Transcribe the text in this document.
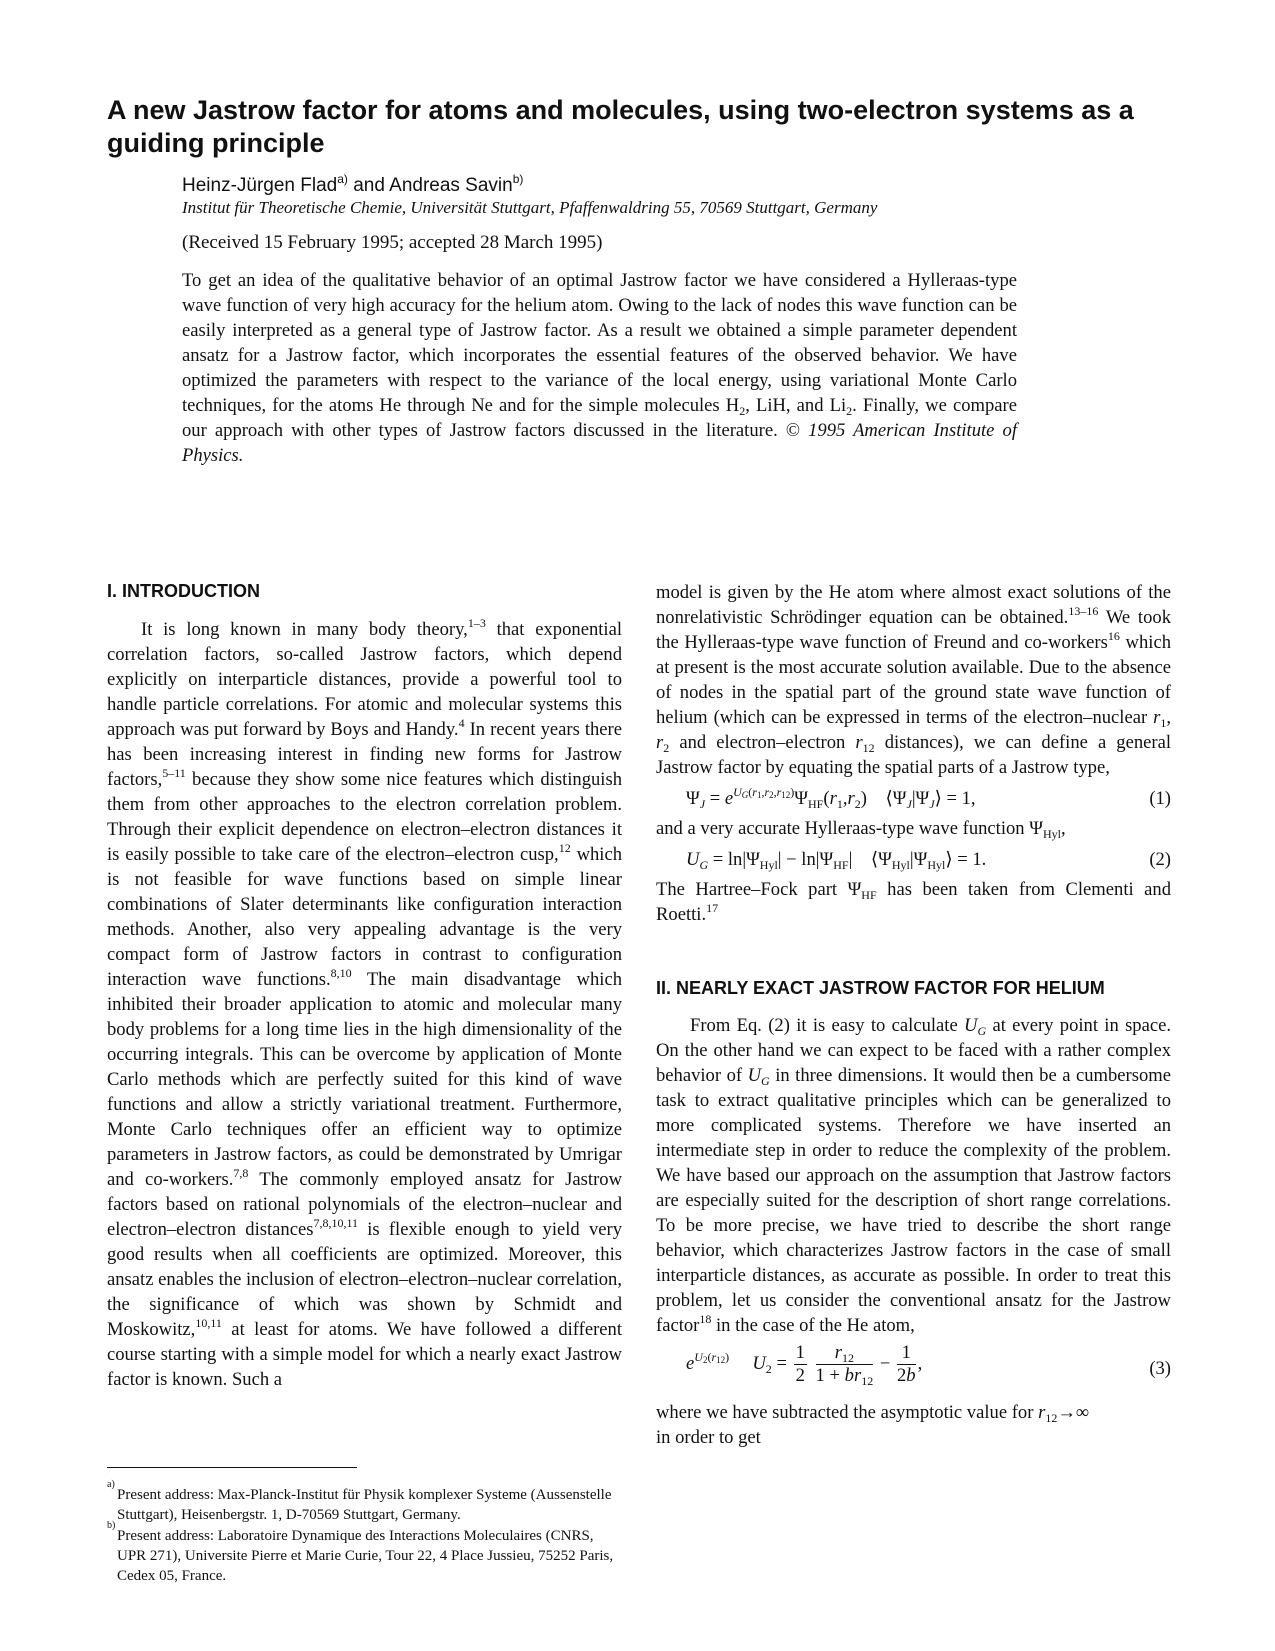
A new Jastrow factor for atoms and molecules, using two-electron systems as a guiding principle
Heinz-Jürgen Flad$^{a)}$ and Andreas Savin$^{b)}$
Institut für Theoretische Chemie, Universität Stuttgart, Pfaffenwaldring 55, 70569 Stuttgart, Germany
(Received 15 February 1995; accepted 28 March 1995)

To get an idea of the qualitative behavior of an optimal Jastrow factor we have considered a Hylleraas-type wave function of very high accuracy for the helium atom. Owing to the lack of nodes this wave function can be easily interpreted as a general type of Jastrow factor. As a result we obtained a simple parameter dependent ansatz for a Jastrow factor, which incorporates the essential features of the observed behavior. We have optimized the parameters with respect to the variance of the local energy, using variational Monte Carlo techniques, for the atoms He through Ne and for the simple molecules $H_2$, LiH, and $Li_2$. Finally, we compare our approach with other types of Jastrow factors discussed in the literature. © 1995 American Institute of Physics.

I. INTRODUCTION

It is long known in many body theory,$^{1-3}$ that exponential correlation factors, so-called Jastrow factors, which depend explicitly on interparticle distances, provide a powerful tool to handle particle correlations. For atomic and molecular systems this approach was put forward by Boys and Handy.$^4$ In recent years there has been increasing interest in finding new forms for Jastrow factors,$^{5-11}$ because they show some nice features which distinguish them from other approaches to the electron correlation problem. Through their explicit dependence on electron–electron distances it is easily possible to take care of the electron–electron cusp,$^{12}$ which is not feasible for wave functions based on simple linear combinations of Slater determinants like configuration interaction methods. Another, also very appealing advantage is the very compact form of Jastrow factors in contrast to configuration interaction wave functions.$^{8,10}$ The main disadvantage which inhibited their broader application to atomic and molecular many body problems for a long time lies in the high dimensionality of the occurring integrals. This can be overcome by application of Monte Carlo methods which are perfectly suited for this kind of wave functions and allow a strictly variational treatment. Furthermore, Monte Carlo techniques offer an efficient way to optimize parameters in Jastrow factors, as could be demonstrated by Umrigar and co-workers.$^{7,8}$ The commonly employed ansatz for Jastrow factors based on rational polynomials of the electron–nuclear and electron–electron distances$^{7,8,10,11}$ is flexible enough to yield very good results when all coefficients are optimized. Moreover, this ansatz enables the inclusion of electron–electron–nuclear correlation, the significance of which was shown by Schmidt and Moskowitz,$^{10,11}$ at least for atoms. We have followed a different course starting with a simple model for which a nearly exact Jastrow factor is known. Such a

model is given by the He atom where almost exact solutions of the nonrelativistic Schrödinger equation can be obtained.$^{13-16}$ We took the Hylleraas-type wave function of Freund and co-workers$^{16}$ which at present is the most accurate solution available. Due to the absence of nodes in the spatial part of the ground state wave function of helium (which can be expressed in terms of the electron–nuclear $r_1$, $r_2$ and electron–electron $r_{12}$ distances), we can define a general Jastrow factor by equating the spatial parts of a Jastrow type,

$\Psi_J = e^{U_G(r_1,r_2,r_{12})}\Psi_{HF}(r_1,r_2)$    $⟨\Psi_J|\Psi_J⟩ = 1$,	(1)

and a very accurate Hylleraas-type wave function $\Psi_{Hyl}$,

$U_G = \ln|\Psi_{Hyl}| - \ln|\Psi_{HF}|$    $⟨\Psi_{Hyl}|\Psi_{Hyl}⟩ = 1$.	(2)

The Hartree–Fock part $\Psi_{HF}$ has been taken from Clementi and Roetti.$^{17}$

II. NEARLY EXACT JASTROW FACTOR FOR HELIUM

From Eq. (2) it is easy to calculate $U_G$ at every point in space. On the other hand we can expect to be faced with a rather complex behavior of $U_G$ in three dimensions. It would then be a cumbersome task to extract qualitative principles which can be generalized to more complicated systems. Therefore we have inserted an intermediate step in order to reduce the complexity of the problem. We have based our approach on the assumption that Jastrow factors are especially suited for the description of short range correlations. To be more precise, we have tried to describe the short range behavior, which characterizes Jastrow factors in the case of small interparticle distances, as accurate as possible. In order to treat this problem, let us consider the conventional ansatz for the Jastrow factor$^{18}$ in the case of the He atom,

$e^{U_2(r_{12})}$ $U_2 = \frac{1}{2}$
$\frac{r_{12}}{1 + br_{12}} - \frac{1}{2b}$ ,	(3)

where we have subtracted the asymptotic value for $r_{12}\to\infty$
in order to get

a)
Present address: Max-Planck-Institut für Physik komplexer Systeme (Aussenstelle Stuttgart), Heisenbergstr. 1, D-70569 Stuttgart, Germany.
b)
Present address: Laboratoire Dynamique des Interactions Moleculaires (CNRS, UPR 271), Universite Pierre et Marie Curie, Tour 22, 4 Place Jussieu, 75252 Paris, Cedex 05, France.
